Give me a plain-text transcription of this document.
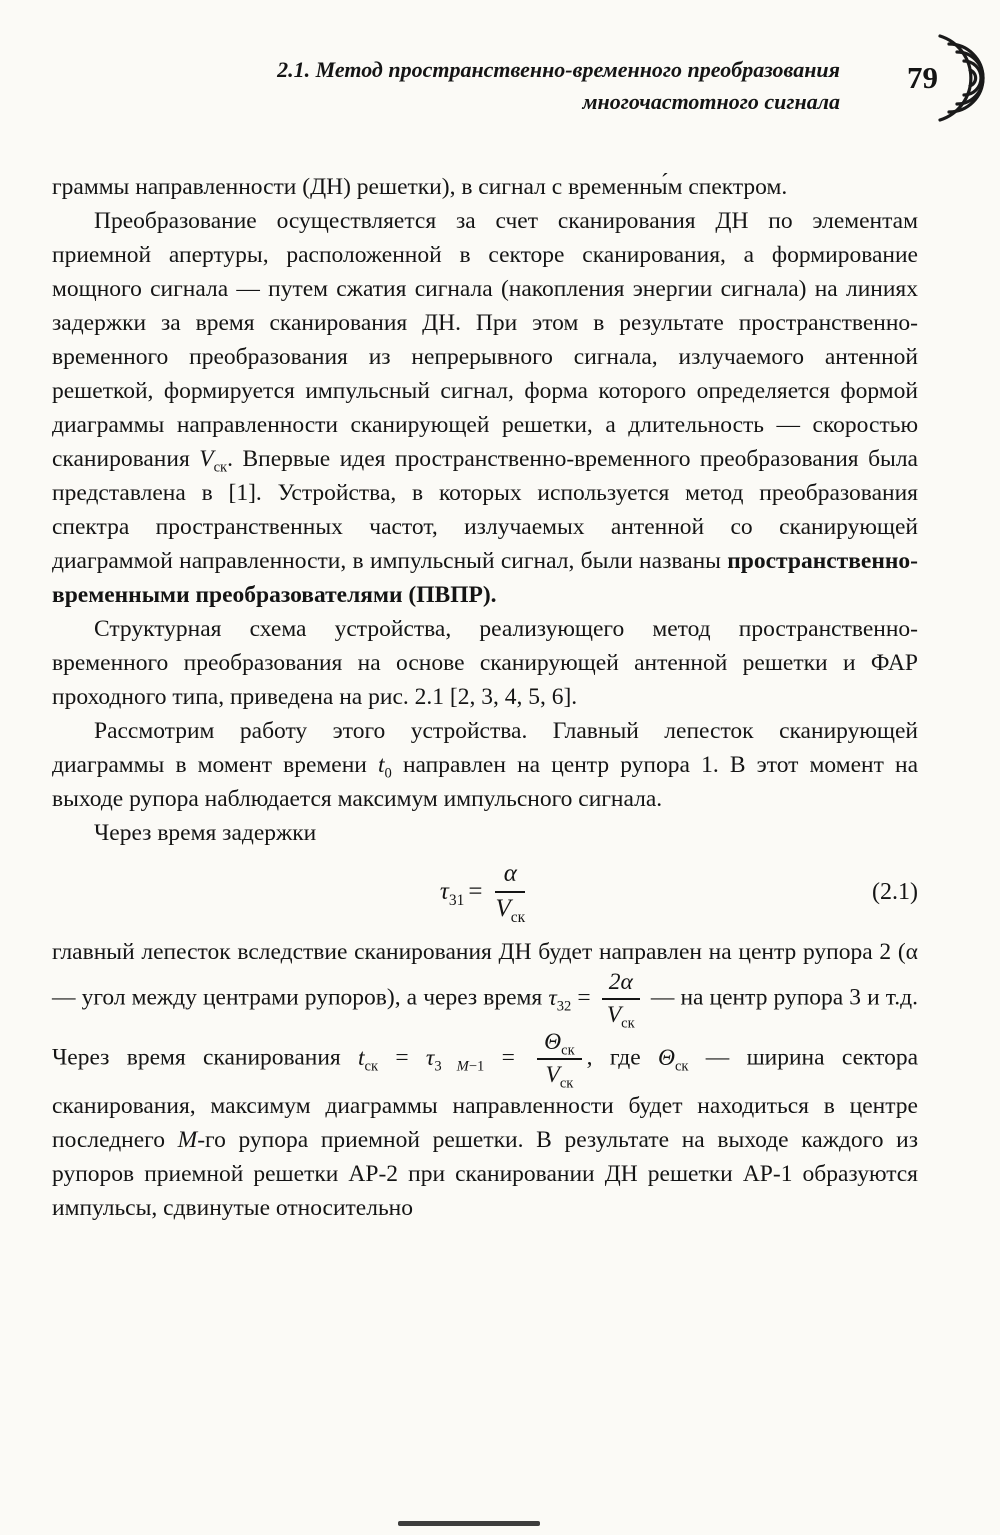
2.1. Метод пространственно-временного преобразования
многочастотного сигнала
79

граммы направленности (ДН) решетки), в сигнал с временны́м спектром.

Преобразование осуществляется за счет сканирования ДН по элементам приемной апертуры, расположенной в секторе сканирования, а формирование мощного сигнала — путем сжатия сигнала (накопления энергии сигнала) на линиях задержки за время сканирования ДН. При этом в результате пространственно-временного преобразования из непрерывного сигнала, излучаемого антенной решеткой, формируется импульсный сигнал, форма которого определяется формой диаграммы направленности сканирующей решетки, а длительность — скоростью сканирования $V_{ск}$. Впервые идея пространственно-временного преобразования была представлена в [1]. Устройства, в которых используется метод преобразования спектра пространственных частот, излучаемых антенной со сканирующей диаграммой направленности, в импульсный сигнал, были названы пространственно-временными преобразователями (ПВПР).

Структурная схема устройства, реализующего метод пространственно-временного преобразования на основе сканирующей антенной решетки и ФАР проходного типа, приведена на рис. 2.1 [2, 3, 4, 5, 6].

Рассмотрим работу этого устройства. Главный лепесток сканирующей диаграммы в момент времени $t_0$ направлен на центр рупора 1. В этот момент на выходе рупора наблюдается максимум импульсного сигнала.

Через время задержки

$\tau_{31} = \frac{\alpha}{V_{ск}}$	(2.1)

главный лепесток вследствие сканирования ДН будет направлен на центр рупора 2 (α — угол между центрами рупоров), а через время $\tau_{32} = \frac{2\alpha}{V_{ск}}$ — на центр рупора 3 и т.д. Через время сканирования $t_{ск} = \tau_{3 M-1} = \frac{\Theta_{ск}}{V_{ск}}$ , где $\Theta_{ск}$ — ширина сектора сканирования, максимум диаграммы направленности будет находиться в центре последнего M-го рупора приемной решетки. В результате на выходе каждого из рупоров приемной решетки АР-2 при сканировании ДН решетки АР-1 образуются импульсы, сдвинутые относительно
